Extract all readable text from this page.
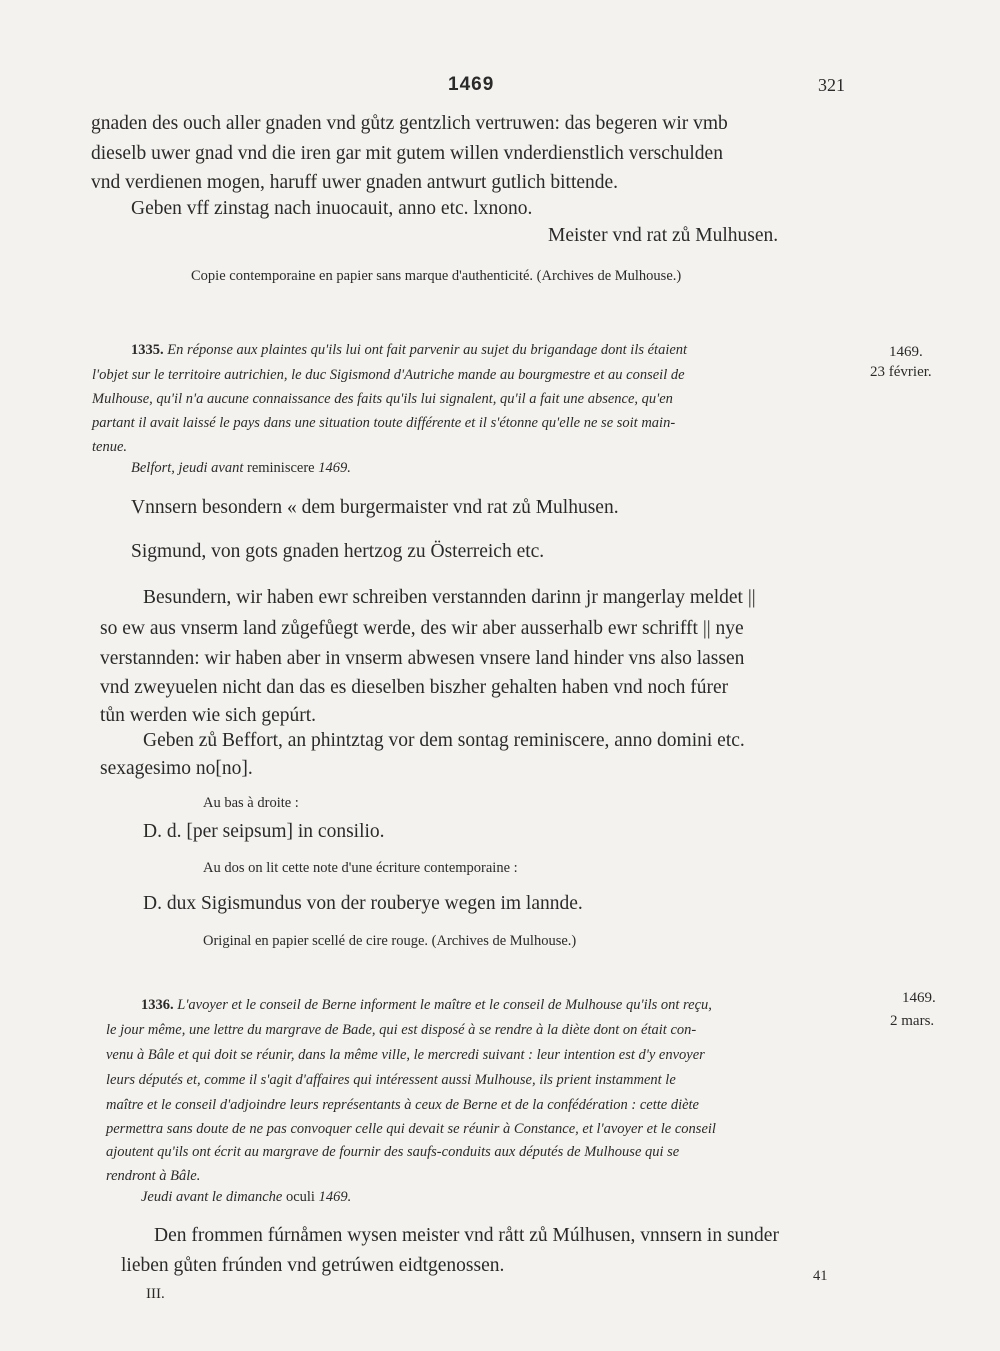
1469	321
gnaden des ouch aller gnaden vnd gůtz gentzlich vertruwen: das begeren wir vmb
dieselb uwer gnad vnd die iren gar mit gutem willen vnderdienstlich verschulden
vnd verdienen mogen, haruff uwer gnaden antwurt gutlich bittende.
Geben vff zinstag nach inuocauit, anno etc. lxnono.
Meister vnd rat zů Mulhusen.
Copie contemporaine en papier sans marque d'authenticité. (Archives de Mulhouse.)
1335. En réponse aux plaintes qu'ils lui ont fait parvenir au sujet du brigandage dont ils étaient
l'objet sur le territoire autrichien, le duc Sigismond d'Autriche mande au bourgmestre et au conseil de
Mulhouse, qu'il n'a aucune connaissance des faits qu'ils lui signalent, qu'il a fait une absence, qu'en
partant il avait laissé le pays dans une situation toute différente et il s'étonne qu'elle ne se soit main-
tenue.
Belfort, jeudi avant reminiscere 1469.
1469.
23 février.
Vnnsern besondern « dem burgermaister vnd rat zů Mulhusen.
Sigmund, von gots gnaden hertzog zu Österreich etc.
Besundern, wir haben ewr schreiben verstannden darinn jr mangerlay meldet ||
so ew aus vnserm land zůgefůegt werde, des wir aber ausserhalb ewr schrifft || nye
verstannden: wir haben aber in vnserm abwesen vnsere land hinder vns also lassen
vnd zweyuelen nicht dan das es dieselben biszher gehalten haben vnd noch fúrer
tůn werden wie sich gepúrt.
Geben zů Beffort, an phintztag vor dem sontag reminiscere, anno domini etc.
sexagesimo no[no].
Au bas à droite :
D. d. [per seipsum] in consilio.
Au dos on lit cette note d'une écriture contemporaine :
D. dux Sigismundus von der rouberye wegen im lannde.
Original en papier scellé de cire rouge. (Archives de Mulhouse.)
1336. L'avoyer et le conseil de Berne informent le maître et le conseil de Mulhouse qu'ils ont reçu,
le jour même, une lettre du margrave de Bade, qui est disposé à se rendre à la diète dont on était con-
venu à Bâle et qui doit se réunir, dans la même ville, le mercredi suivant : leur intention est d'y envoyer
leurs députés et, comme il s'agit d'affaires qui intéressent aussi Mulhouse, ils prient instamment le
maître et le conseil d'adjoindre leurs représentants à ceux de Berne et de la confédération : cette diète
permettra sans doute de ne pas convoquer celle qui devait se réunir à Constance, et l'avoyer et le conseil
ajoutent qu'ils ont écrit au margrave de fournir des saufs-conduits aux députés de Mulhouse qui se
rendront à Bâle.
Jeudi avant le dimanche oculi 1469.
1469.
2 mars.
Den frommen fúrnåmen wysen meister vnd rått zů Múlhusen, vnnsern in sunder
lieben gůten frúnden vnd getrúwen eidtgenossen.
III.
41
